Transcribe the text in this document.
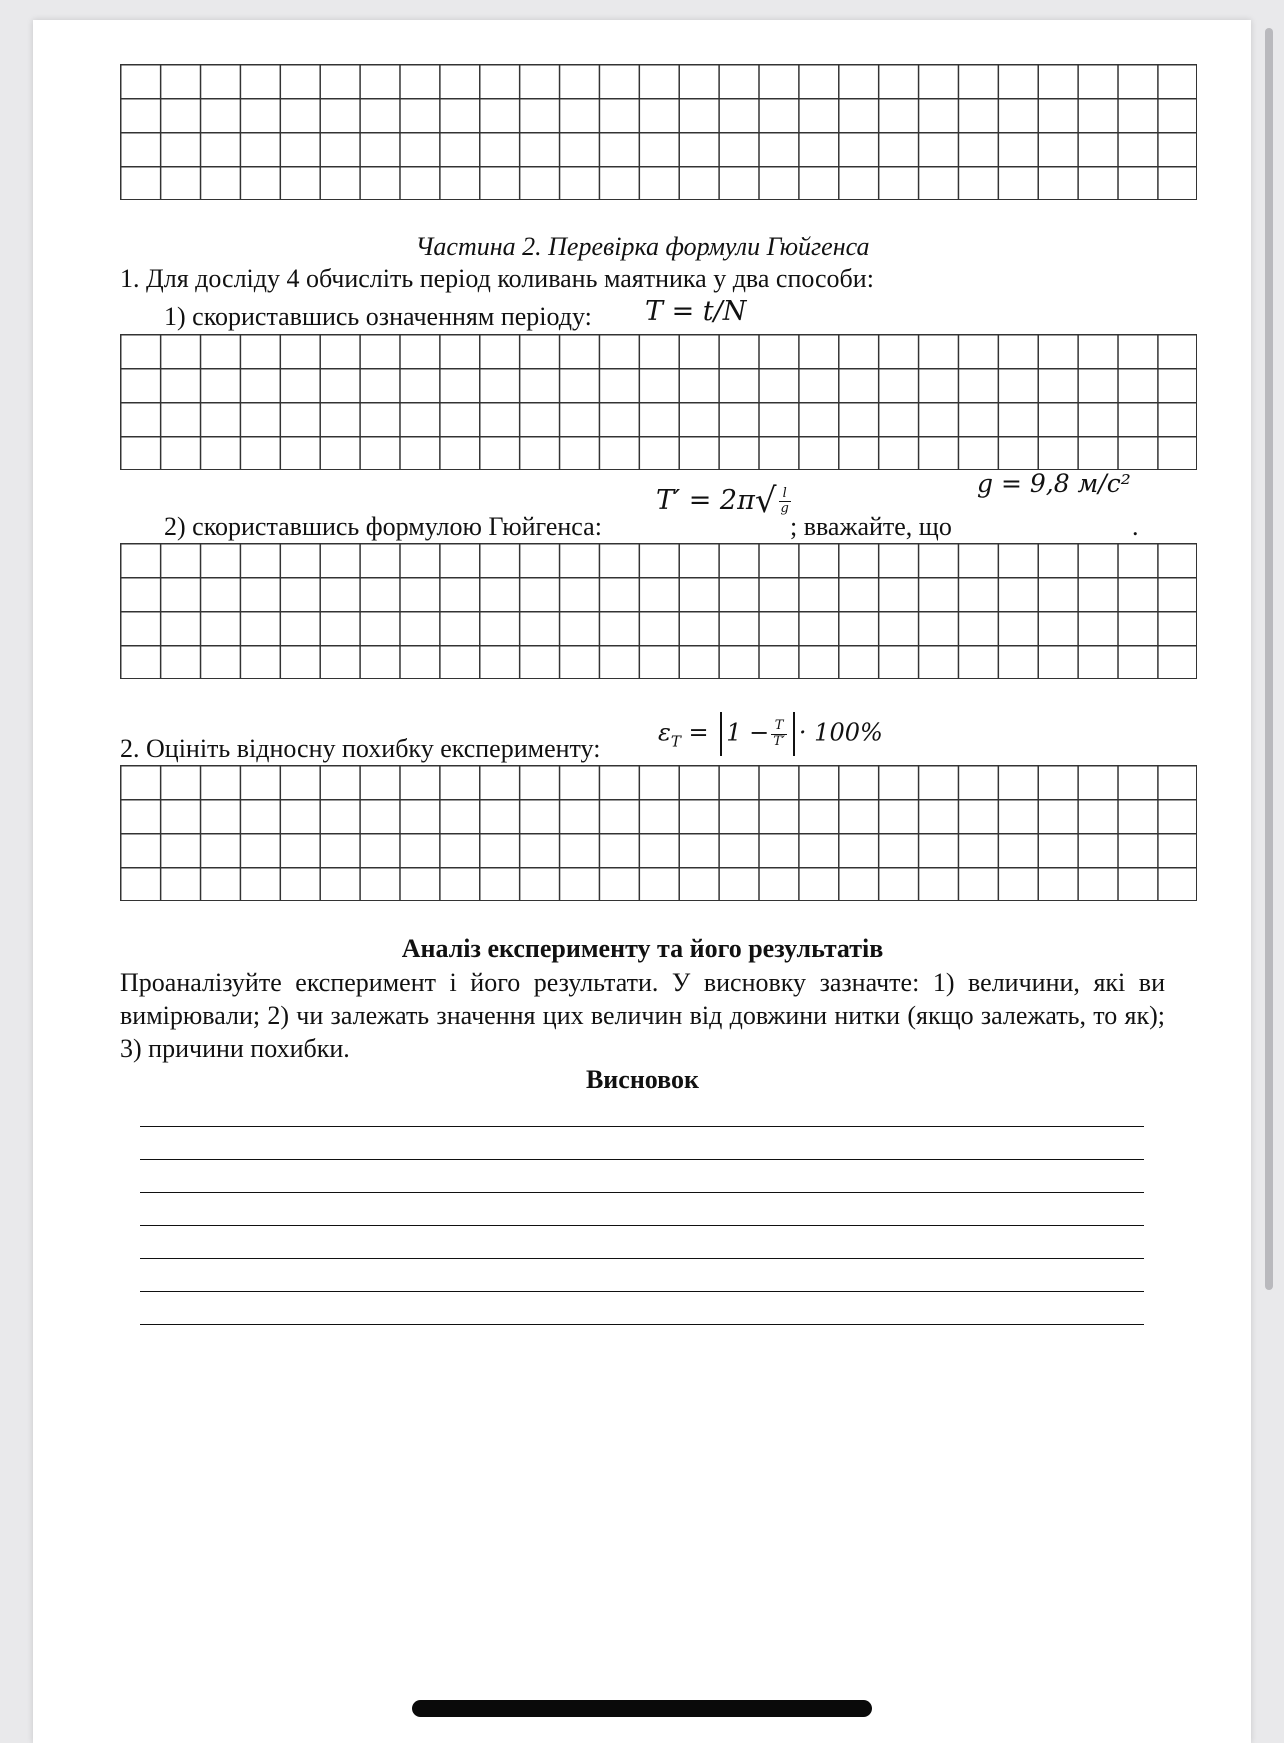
Частина 2. Перевірка формули Гюйгенса
1. Для досліду 4 обчисліть період коливань маятника у два способи:
1) скориставшись означенням періоду: T = t/N
$T' = 2\pi√ \frac{l}{g}$
g = 9,8 м/с²
2) скориставшись формулою Гюйгенса:	; вважайте, що	.
$\varepsilon_T = 1 - \frac{T}{T'} \cdot 100\%$
2. Оцініть відносну похибку експерименту:
Аналіз експерименту та його результатів
Проаналізуйте експеримент і його результати. У висновку зазначте: 1) величини, які ви вимірювали; 2) чи залежать значення цих величин від довжини нитки (якщо залежать, то як); 3) причини похибки.
Висновок
